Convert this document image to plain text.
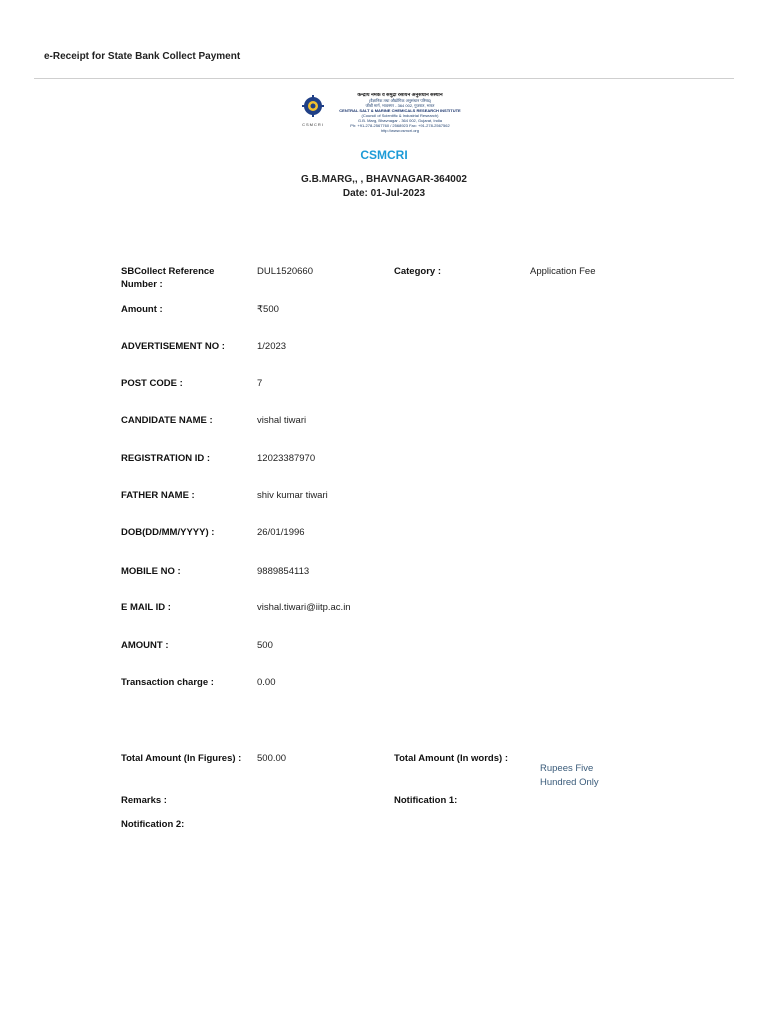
e-Receipt for State Bank Collect Payment
CSMCRI
केन्द्रीय नमक व समुद्री रसायन अनुसंधान संस्थान
(वैज्ञानिक तथा औद्योगिक अनुसंधान परिषद)
जीबी मार्ग, भावनगर - 364 002, गुजरात, भारत
CENTRAL SALT & MARINE CHEMICALS RESEARCH INSTITUTE
(Council of Scientific & Industrial Research)
G.B. Marg, Bhavnagar - 364 002, Gujarat, India
Ph: +91-278-2567760 / 2568923 Fax: +91-278-2567562
http://www.csmcri.org
CSMCRI
G.B.MARG,, , BHAVNAGAR-364002
Date: 01-Jul-2023
SBCollect Reference Number :
DUL1520660	Category :	Application Fee
Amount :	₹500
ADVERTISEMENT NO :	1/2023
POST CODE :	7
CANDIDATE NAME :	vishal tiwari
REGISTRATION ID :	12023387970
FATHER NAME :	shiv kumar tiwari
DOB(DD/MM/YYYY) :	26/01/1996
MOBILE NO :	9889854113
E MAIL ID :	vishal.tiwari@iitp.ac.in
AMOUNT :	500
Transaction charge :	0.00
Total Amount (In Figures) :	500.00	Total Amount (In words) :
Rupees Five Hundred Only
Remarks :	Notification 1:
Notification 2:
